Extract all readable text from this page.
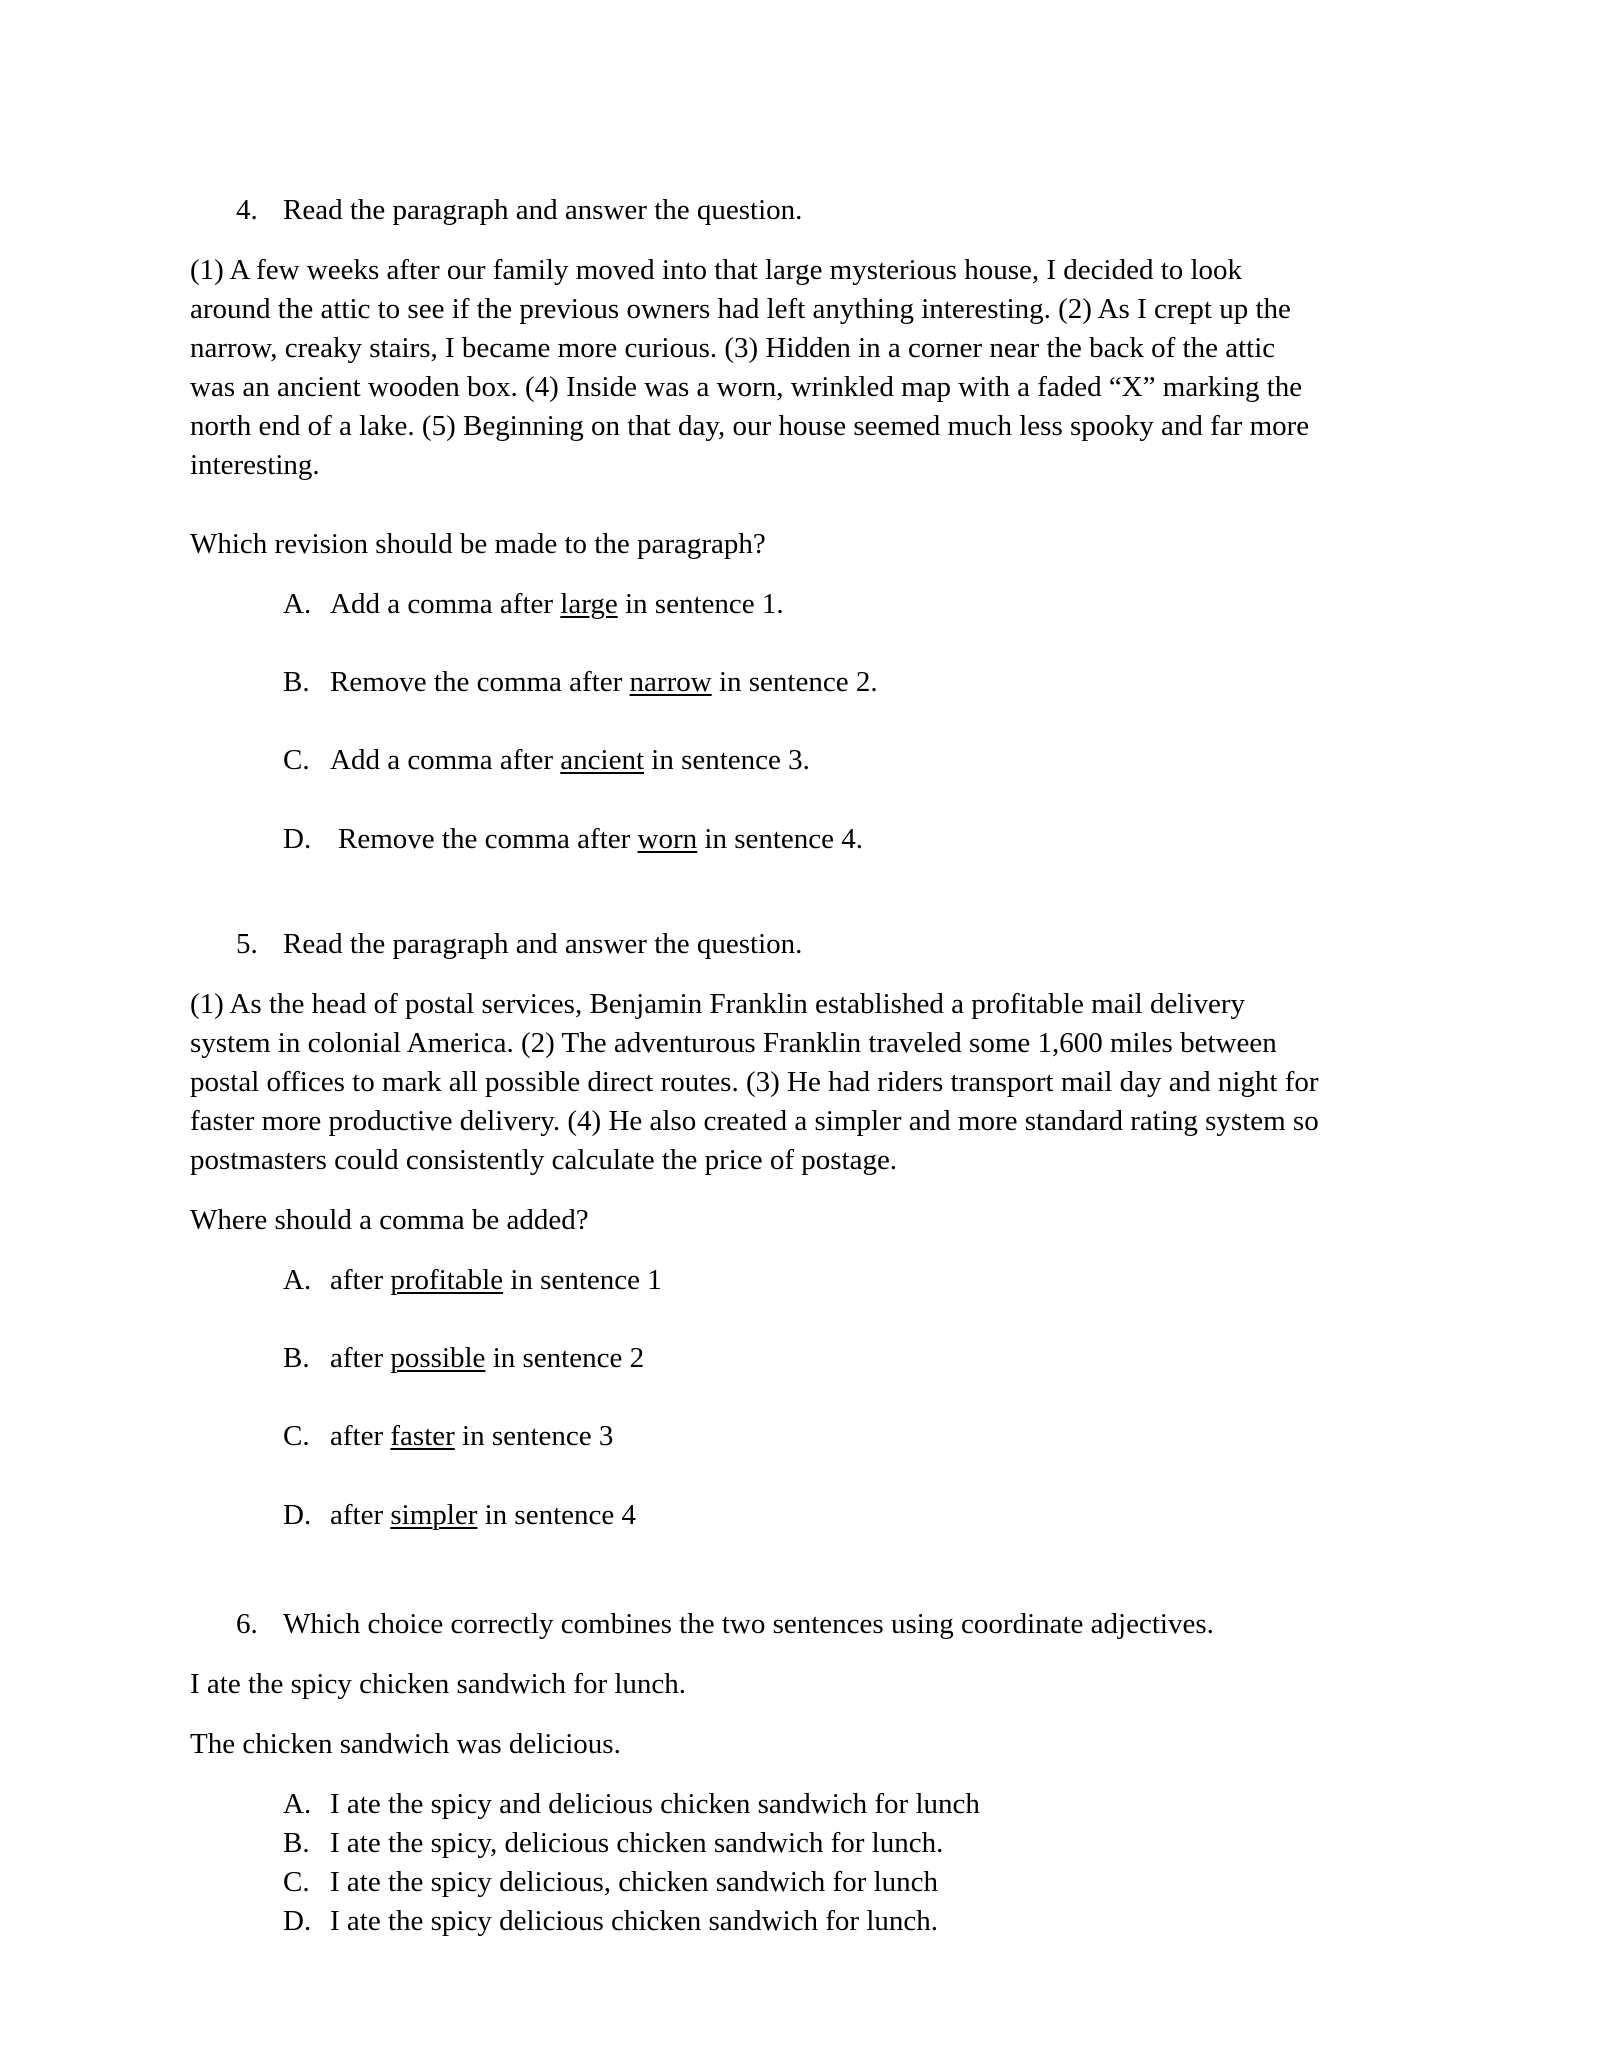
4. Read the paragraph and answer the question.
(1) A few weeks after our family moved into that large mysterious house, I decided to look
around the attic to see if the previous owners had left anything interesting. (2) As I crept up the
narrow, creaky stairs, I became more curious. (3) Hidden in a corner near the back of the attic
was an ancient wooden box. (4) Inside was a worn, wrinkled map with a faded “X” marking the
north end of a lake. (5) Beginning on that day, our house seemed much less spooky and far more
interesting.
Which revision should be made to the paragraph?
A. Add a comma after large in sentence 1.
B. Remove the comma after narrow in sentence 2.
C. Add a comma after ancient in sentence 3.
D. Remove the comma after worn in sentence 4.
5. Read the paragraph and answer the question.
(1) As the head of postal services, Benjamin Franklin established a profitable mail delivery
system in colonial America. (2) The adventurous Franklin traveled some 1,600 miles between
postal offices to mark all possible direct routes. (3) He had riders transport mail day and night for
faster more productive delivery. (4) He also created a simpler and more standard rating system so
postmasters could consistently calculate the price of postage.
Where should a comma be added?
A. after profitable in sentence 1
B. after possible in sentence 2
C. after faster in sentence 3
D. after simpler in sentence 4
6. Which choice correctly combines the two sentences using coordinate adjectives.
I ate the spicy chicken sandwich for lunch.
The chicken sandwich was delicious.
A. I ate the spicy and delicious chicken sandwich for lunch
B. I ate the spicy, delicious chicken sandwich for lunch.
C. I ate the spicy delicious, chicken sandwich for lunch
D. I ate the spicy delicious chicken sandwich for lunch.
